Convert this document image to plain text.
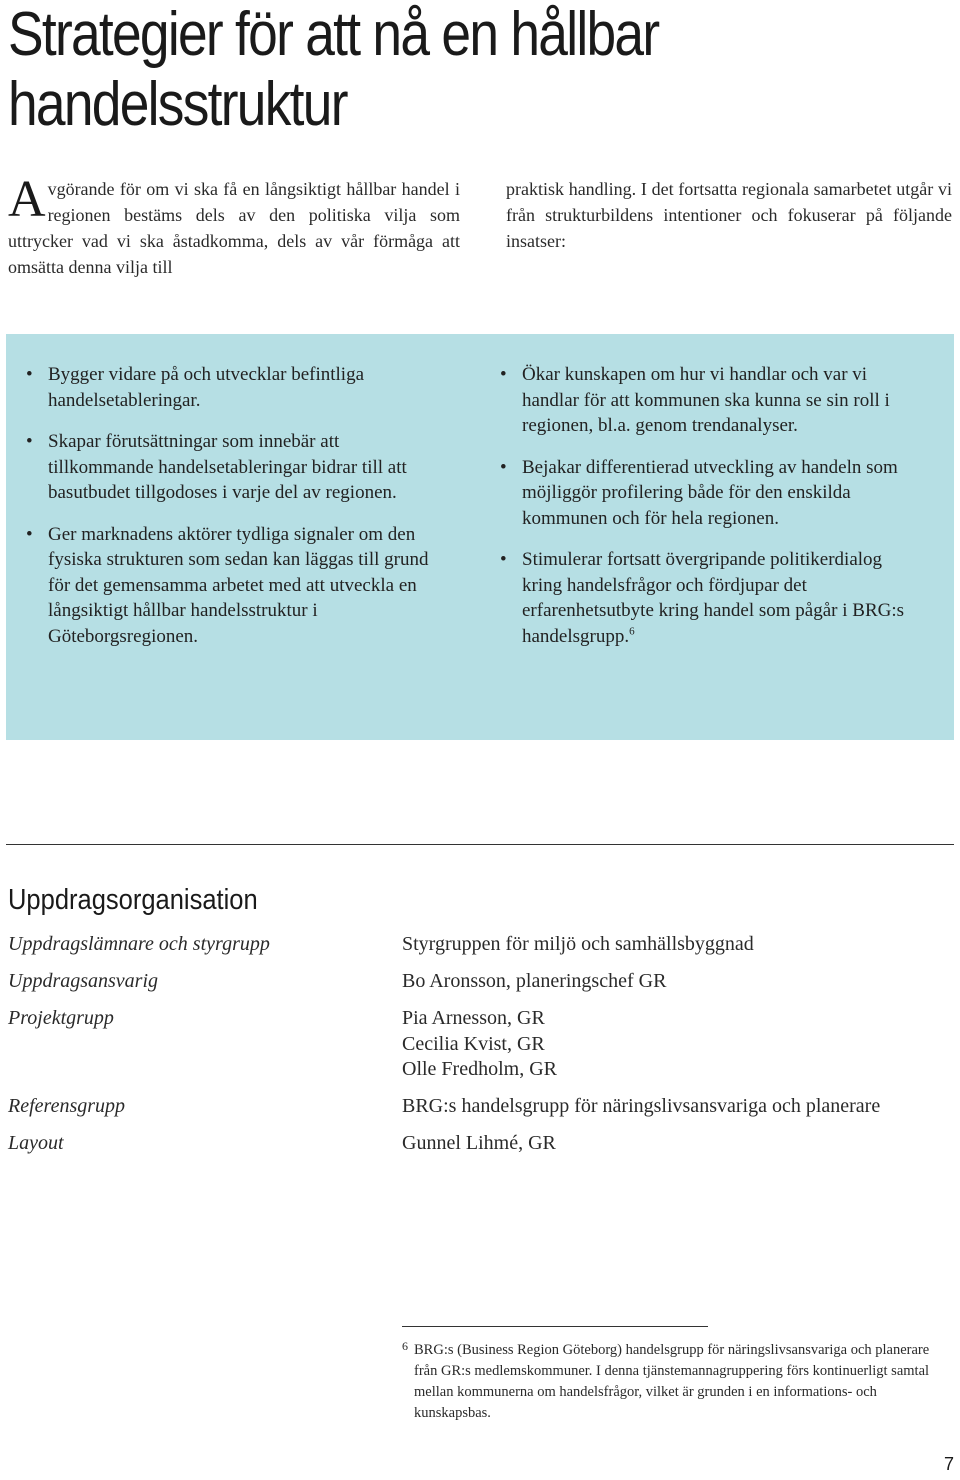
Strategier för att nå en hållbar
handelsstruktur

Avgörande för om vi ska få en långsiktigt hållbar handel i regionen bestäms dels av den politiska vilja som uttrycker vad vi ska åstadkomma, dels av vår förmåga att omsätta denna vilja till

praktisk handling. I det fortsatta regionala samarbetet utgår vi från strukturbildens intentioner och fokuserar på följande insatser:

• Bygger vidare på och utvecklar befintliga handelsetableringar.
• Skapar förutsättningar som innebär att tillkommande handelsetableringar bidrar till att basutbudet tillgodoses i varje del av regionen.
• Ger marknadens aktörer tydliga signaler om den fysiska strukturen som sedan kan läggas till grund för det gemensamma arbetet med att utveckla en långsiktigt hållbar handelsstruktur i Göteborgsregionen.
• Ökar kunskapen om hur vi handlar och var vi handlar för att kommunen ska kunna se sin roll i regionen, bl.a. genom trendanalyser.
• Bejakar differentierad utveckling av handeln som möjliggör profilering både för den enskilda kommunen och för hela regionen.
• Stimulerar fortsatt övergripande politikerdialog kring handelsfrågor och fördjupar det erfarenhetsutbyte kring handel som pågår i BRG:s handelsgrupp.$^6$
Uppdragsorganisation
Uppdragslämnare och styrgrupp	Styrgruppen för miljö och samhällsbyggnad
Uppdragsansvarig	Bo Aronsson, planeringschef GR
Projektgrupp	Pia Arnesson, GR
Cecilia Kvist, GR
Olle Fredholm, GR
Referensgrupp	BRG:s handelsgrupp för näringslivsansvariga och planerare
Layout	Gunnel Lihmé, GR

6 BRG:s (Business Region Göteborg) handelsgrupp för näringslivsansvariga och planerare från GR:s medlemskommuner. I denna tjänstemannagruppering förs kontinuerligt samtal mellan kommunerna om handelsfrågor, vilket är grunden i en informations- och kunskapsbas.

7
